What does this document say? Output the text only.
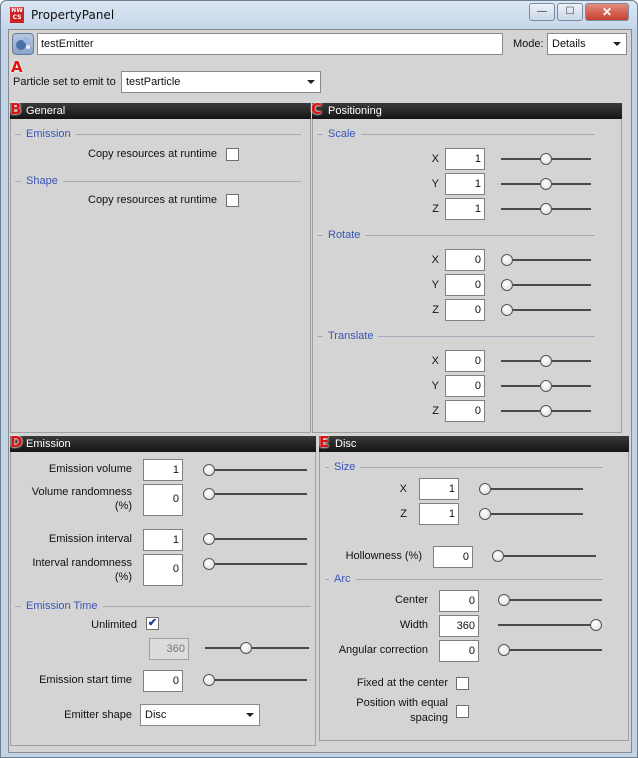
NW CS PropertyPanel	—	☐	✕
testEmitter	Mode: Details
A
Particle set to emit to testParticle
General
B
Emission
Copy resources at runtime
Shape
Copy resources at runtime
Positioning
C
Scale
X	1
Y	1
Z	1
Rotate
X	0
Y	0
Z	0
Translate
X	0
Y	0
Z	0
Emission
D
Emission volume	1
Volume randomness
(%)
0
Emission interval	1
Interval randomness
(%)
0
Emission Time
Unlimited ✔
360
Emission start time	0
Emitter shape	Disc
Disc
E
Size
X	1
Z	1
Hollowness (%)	0
Arc
Center	0
Width	360
Angular correction	0
Fixed at the center
Position with equal
spacing
